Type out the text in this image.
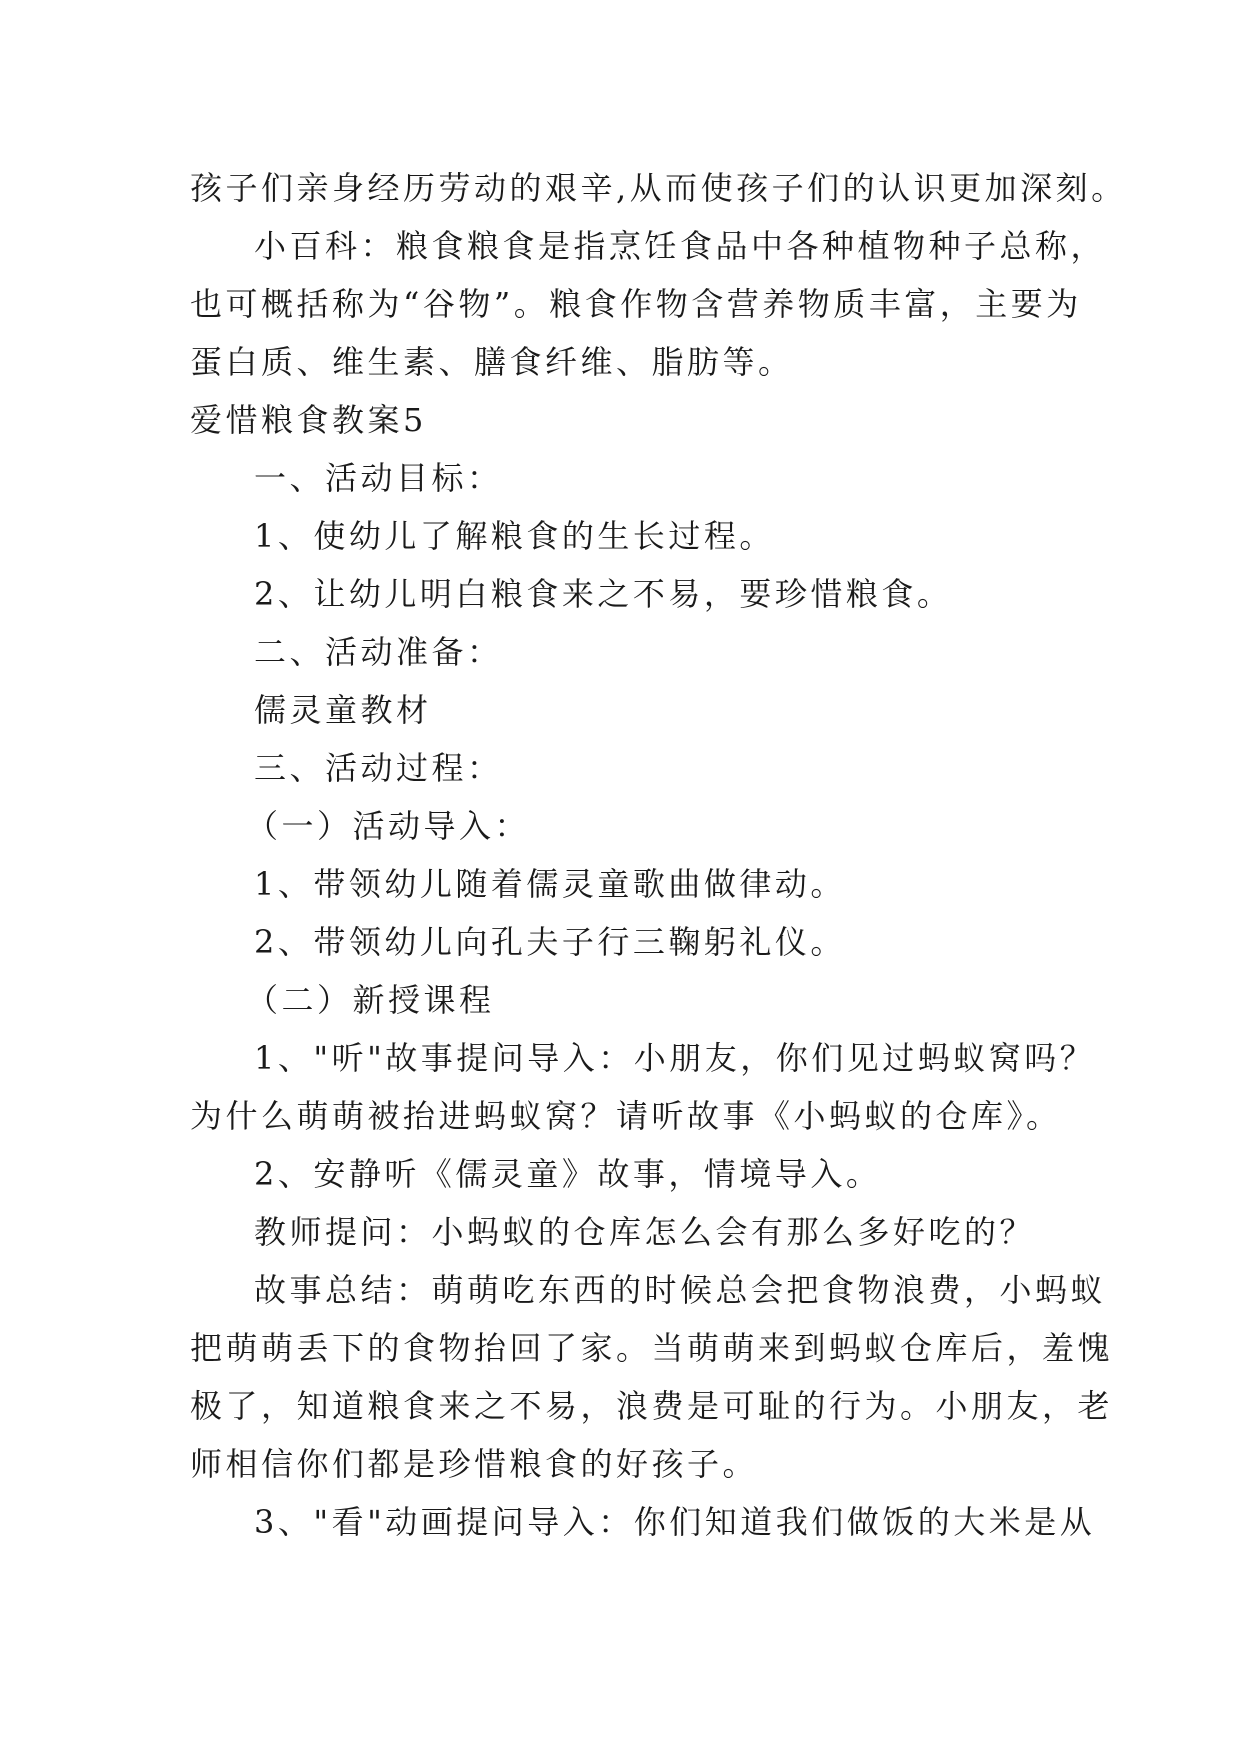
孩子们亲身经历劳动的艰辛,从而使孩子们的认识更加深刻。
小百科：粮食粮食是指烹饪食品中各种植物种子总称，
也可概括称为“谷物”。粮食作物含营养物质丰富，主要为
蛋白质、维生素、膳食纤维、脂肪等。
爱惜粮食教案5
一、活动目标：
1、使幼儿了解粮食的生长过程。
2、让幼儿明白粮食来之不易，要珍惜粮食。
二、活动准备：
儒灵童教材
三、活动过程：
（一）活动导入：
1、带领幼儿随着儒灵童歌曲做律动。
2、带领幼儿向孔夫子行三鞠躬礼仪。
（二）新授课程
1、"听"故事提问导入：小朋友，你们见过蚂蚁窝吗？
为什么萌萌被抬进蚂蚁窝？请听故事《小蚂蚁的仓库》。
2、安静听《儒灵童》故事，情境导入。
教师提问：小蚂蚁的仓库怎么会有那么多好吃的？
故事总结：萌萌吃东西的时候总会把食物浪费，小蚂蚁
把萌萌丢下的食物抬回了家。当萌萌来到蚂蚁仓库后，羞愧
极了，知道粮食来之不易，浪费是可耻的行为。小朋友，老
师相信你们都是珍惜粮食的好孩子。
3、"看"动画提问导入：你们知道我们做饭的大米是从
